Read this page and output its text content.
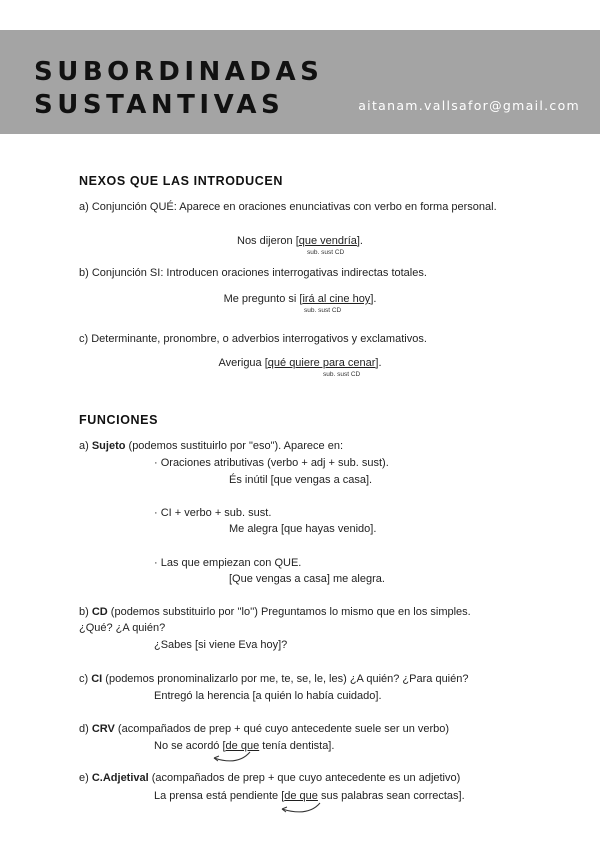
SUBORDINADAS
SUSTANTIVAS	aitanam.vallsafor@gmail.com
NEXOS QUE LAS INTRODUCEN
a) Conjunción QUÉ: Aparece en oraciones enunciativas con verbo en forma personal.
Nos dijeron [que vendría].
sub. sust CD
b) Conjunción SI: Introducen oraciones interrogativas indirectas totales.
Me pregunto si [irá al cine hoy].
sub. sust CD
c) Determinante, pronombre, o adverbios interrogativos y exclamativos.
Averigua [qué quiere para cenar].
sub. sust CD
FUNCIONES
a) Sujeto (podemos sustituirlo por "eso"). Aparece en:
· Oraciones atributivas (verbo + adj + sub. sust).
És inútil [que vengas a casa].
· CI + verbo + sub. sust.
Me alegra [que hayas venido].
· Las que empiezan con QUE.
[Que vengas a casa] me alegra.
b) CD (podemos substituirlo por ''lo'') Preguntamos lo mismo que en los simples. ¿Qué? ¿A quién?
¿Sabes [si viene Eva hoy]?
c) CI (podemos pronominalizarlo por me, te, se, le, les) ¿A quién? ¿Para quién?
Entregó la herencia [a quién lo había cuidado].
d) CRV (acompañados de prep + qué cuyo antecedente suele ser un verbo)
No se acordó [de que tenía dentista].
e) C.Adjetival (acompañados de prep + que cuyo antecedente es un adjetivo)
La prensa está pendiente [de que sus palabras sean correctas].
